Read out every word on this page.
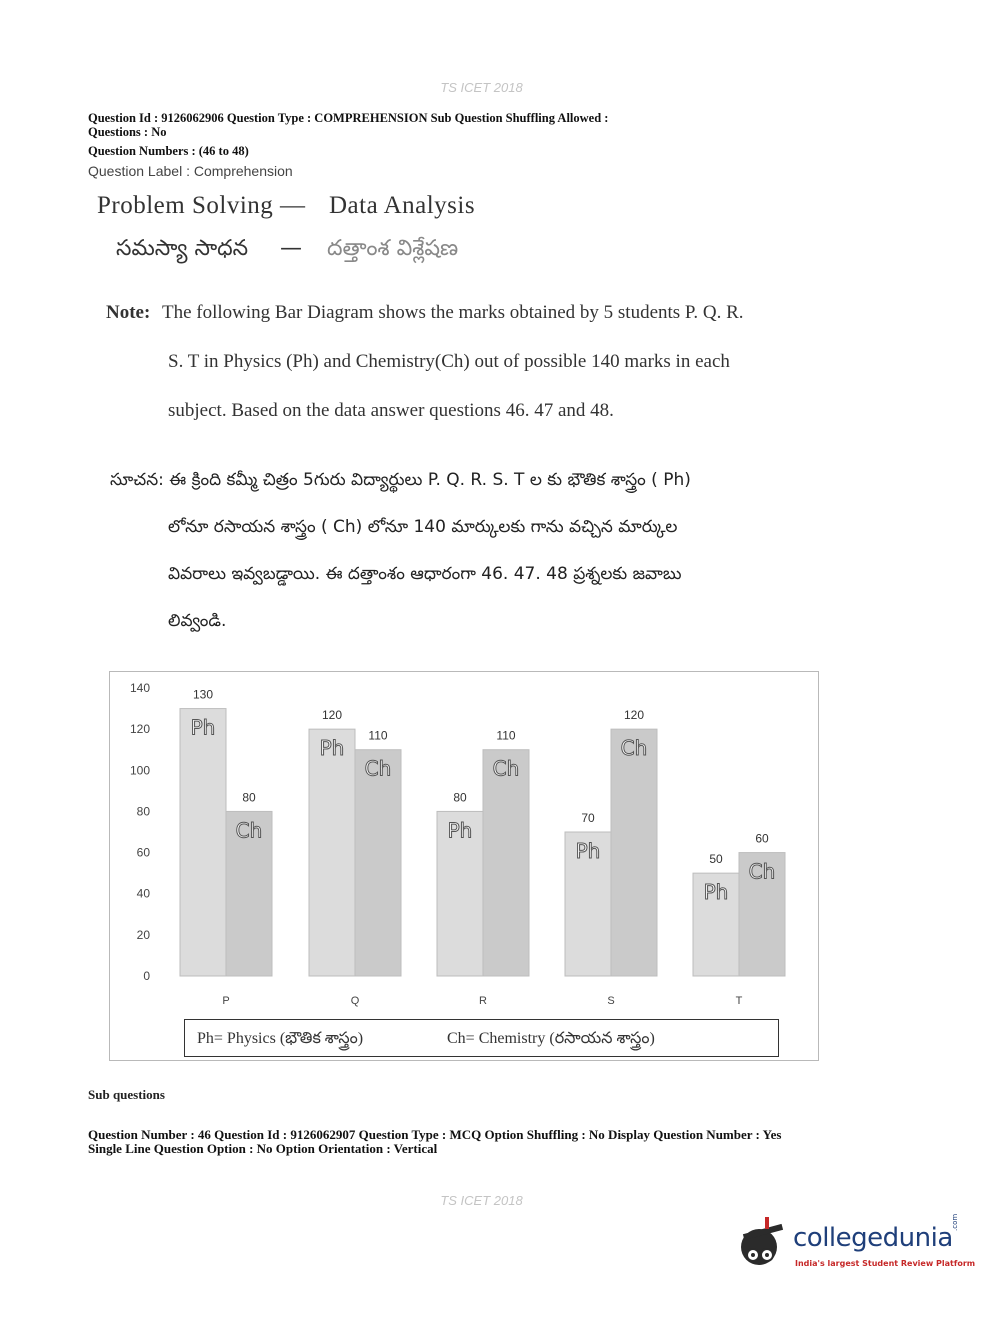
TS ICET 2018
Question Id : 9126062906 Question Type : COMPREHENSION Sub Question Shuffling Allowed :
Questions : No
Question Numbers : (46 to 48)
Question Label : Comprehension
Problem Solving — Data Analysis
సమస్యా సాధన — దత్తాంశ విశ్లేషణ
Note: The following Bar Diagram shows the marks obtained by 5 students P. Q. R.
S. T in Physics (Ph) and Chemistry(Ch) out of possible 140 marks in each
subject. Based on the data answer questions 46. 47 and 48.
సూచన: ఈ క్రింది కమ్మీ చిత్రం 5గురు విద్యార్థులు P. Q. R. S. T ల కు భౌతిక శాస్త్రం ( Ph)
లోనూ రసాయన శాస్త్రం ( Ch) లోనూ 140 మార్కులకు గాను వచ్చిన మార్కుల
వివరాలు ఇవ్వబడ్డాయి. ఈ దత్తాంశం ఆధారంగా 46. 47. 48 ప్రశ్నలకు జవాబు
లివ్వండి.
0
20
40
60
80
100
120
140	130
Ph
80
Ch
P
120
Ph
110
Ch
Q
80
Ph
110
Ch
R
70
Ph
120
Ch
S
50
Ph
60
Ch
T
Ph= Physics (భౌతిక శాస్త్రం)	Ch= Chemistry (రసాయన శాస్త్రం)
Sub questions
Question Number : 46 Question Id : 9126062907 Question Type : MCQ Option Shuffling : No Display Question Number : Yes
Single Line Question Option : No Option Orientation : Vertical
TS ICET 2018
collegedunia
.com
India's largest Student Review Platform
